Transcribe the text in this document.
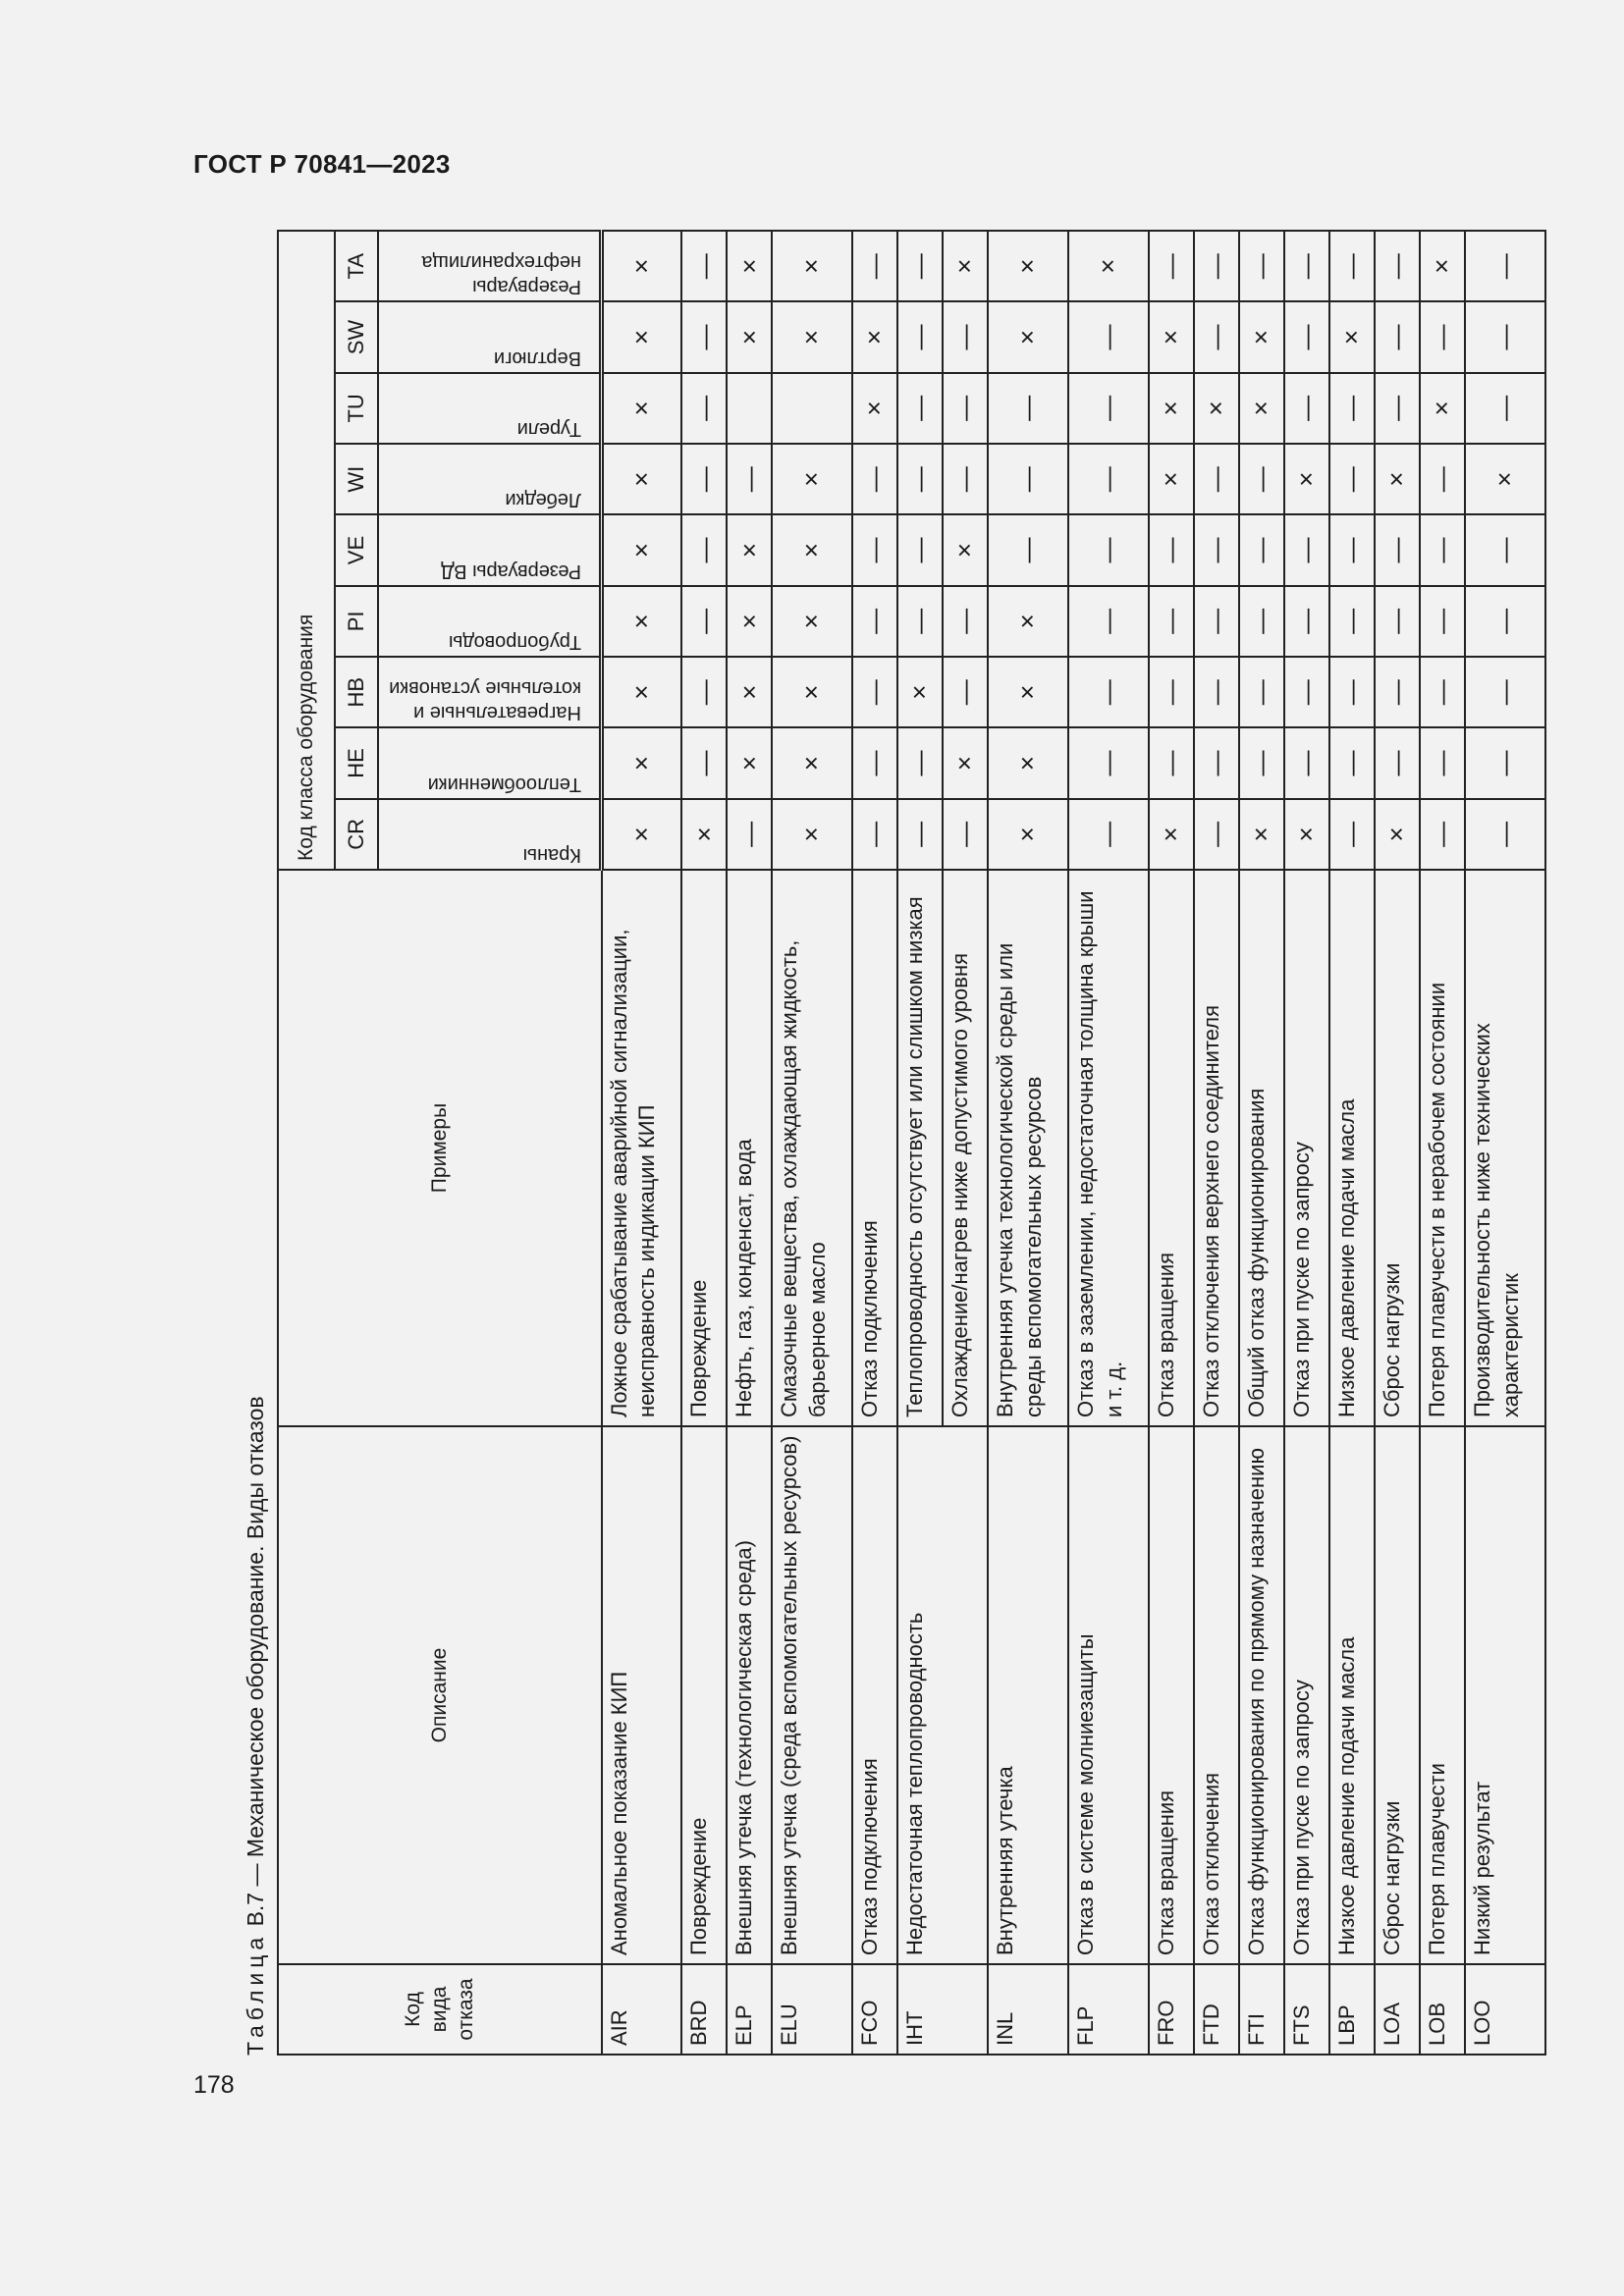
ГОСТ Р 70841—2023
Таблица В.7 — Механическое оборудование. Виды отказов
Код вида отказа	Описание	Примеры	Код класса оборудования								
			CR	HE	HB	PI	VE	WI	TU	SW	TA

			Краны	Теплообменники	Нагревательные и котельные установки	Трубопроводы	Резервуары ВД	Лебедки	Турели	Вертлюги	Резервуары нефтехранилища

AIR	Аномальное показание КИП	Ложное срабатывание аварийной сигнализации, неисправность индикации КИП	×	×	×	×	×	×	×	×	×
BRD	Повреждение	Повреждение	×	—	—	—	—	—	—	—	—
ELP	Внешняя утечка (технологическая среда)	Нефть, газ, конденсат, вода	—	×	×	×	×	—		×	×
ELU	Внешняя утечка (среда вспомогательных ресурсов)	Смазочные вещества, охлаждающая жидкость, барьерное масло	×	×	×	×	×	×		×	×
FCO	Отказ подключения	Отказ подключения	—	—	—	—	—	—	×	×	—
IHT	Недостаточная теплопроводность	Теплопроводность отсутствует или слишком низкая	—	—	×	—	—	—	—	—	—
		Охлаждение/нагрев ниже допустимого уровня	—	×	—	—	×	—	—	—	×
INL	Внутренняя утечка	Внутренняя утечка технологической среды или среды вспомогательных ресурсов	×	×	×	×	—	—	—	×	×
FLP	Отказ в системе молниезащиты	Отказ в заземлении, недостаточная толщина крыши и т. д.	—	—	—	—	—	—	—	—	×
FRO	Отказ вращения	Отказ вращения	×	—	—	—	—	×	×	×	—
FTD	Отказ отключения	Отказ отключения верхнего соединителя	—	—	—	—	—	—	×	—	—
FTI	Отказ функционирования по прямому назначению	Общий отказ функционирования	×	—	—	—	—	—	×	×	—
FTS	Отказ при пуске по запросу	Отказ при пуске по запросу	×	—	—	—	—	×	—	—	—
LBP	Низкое давление подачи масла	Низкое давление подачи масла	—	—	—	—	—	—	—	×	—
LOA	Сброс нагрузки	Сброс нагрузки	×	—	—	—	—	×	—	—	—
LOB	Потеря плавучести	Потеря плавучести в нерабочем состоянии	—	—	—	—	—	—	×	—	×
LOO	Низкий результат	Производительность ниже технических характеристик	—	—	—	—	—	×	—	—	—
178
